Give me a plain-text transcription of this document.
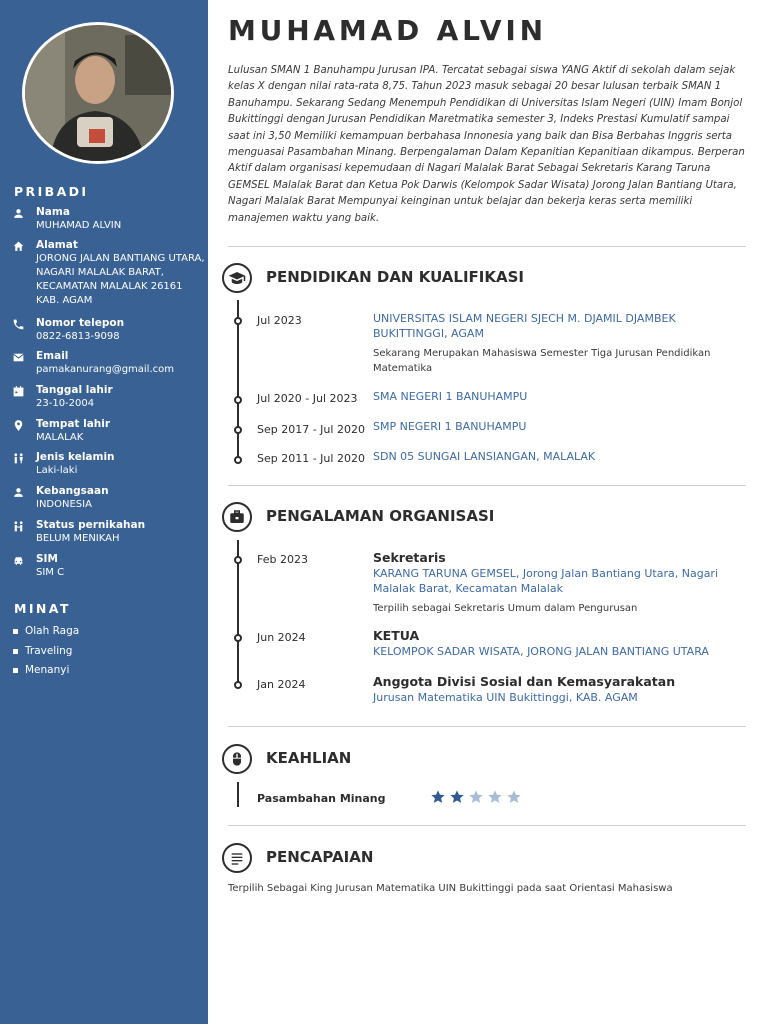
PRIBADI
Nama
MUHAMAD ALVIN
Alamat
JORONG JALAN BANTIANG UTARA, NAGARI MALALAK BARAT, KECAMATAN MALALAK 26161 KAB. AGAM
Nomor telepon
0822-6813-9098
Email
pamakanurang@gmail.com
Tanggal lahir
23-10-2004
Tempat lahir
MALALAK
Jenis kelamin
Laki-laki
Kebangsaan
INDONESIA
Status pernikahan
BELUM MENIKAH
SIM
SIM C
MINAT
Olah Raga
Traveling
Menanyi
MUHAMAD ALVIN

Lulusan SMAN 1 Banuhampu Jurusan IPA. Tercatat sebagai siswa YANG Aktif di sekolah dalam sejak kelas X dengan nilai rata-rata 8,75. Tahun 2023 masuk sebagai 20 besar lulusan terbaik SMAN 1 Banuhampu. Sekarang Sedang Menempuh Pendidikan di Universitas Islam Negeri (UIN) Imam Bonjol Bukittinggi dengan Jurusan Pendidikan Maretmatika semester 3, Indeks Prestasi Kumulatif sampai saat ini 3,50 Memiliki kemampuan berbahasa Innonesia yang baik dan Bisa Berbahas Inggris serta menguasai Pasambahan Minang. Berpengalaman Dalam Kepanitian Kepanitiaan dikampus. Berperan Aktif dalam organisasi kepemudaan di Nagari Malalak Barat Sebagai Sekretaris Karang Taruna GEMSEL Malalak Barat dan Ketua Pok Darwis (Kelompok Sadar Wisata) Jorong Jalan Bantiang Utara, Nagari Malalak Barat Mempunyai keinginan untuk belajar dan bekerja keras serta memiliki manajemen waktu yang baik.

PENDIDIKAN DAN KUALIFIKASI
Jul 2023	UNIVERSITAS ISLAM NEGERI SJECH M. DJAMIL DJAMBEK BUKITTINGGI, AGAM
Sekarang Merupakan Mahasiswa Semester Tiga Jurusan Pendidikan Matematika
Jul 2020 - Jul 2023 SMA NEGERI 1 BANUHAMPU
Sep 2017 - Jul 2020 SMP NEGERI 1 BANUHAMPU
Sep 2011 - Jul 2020 SDN 05 SUNGAI LANSIANGAN, MALALAK
PENGALAMAN ORGANISASI
Feb 2023	Sekretaris
KARANG TARUNA GEMSEL, Jorong Jalan Bantiang Utara, Nagari Malalak Barat, Kecamatan Malalak
Terpilih sebagai Sekretaris Umum dalam Pengurusan
Jun 2024	KETUA
KELOMPOK SADAR WISATA, JORONG JALAN BANTIANG UTARA
Jan 2024	Anggota Divisi Sosial dan Kemasyarakatan
Jurusan Matematika UIN Bukittinggi, KAB. AGAM
KEAHLIAN
Pasambahan Minang
PENCAPAIAN
Terpilih Sebagai King Jurusan Matematika UIN Bukittinggi pada saat Orientasi Mahasiswa
